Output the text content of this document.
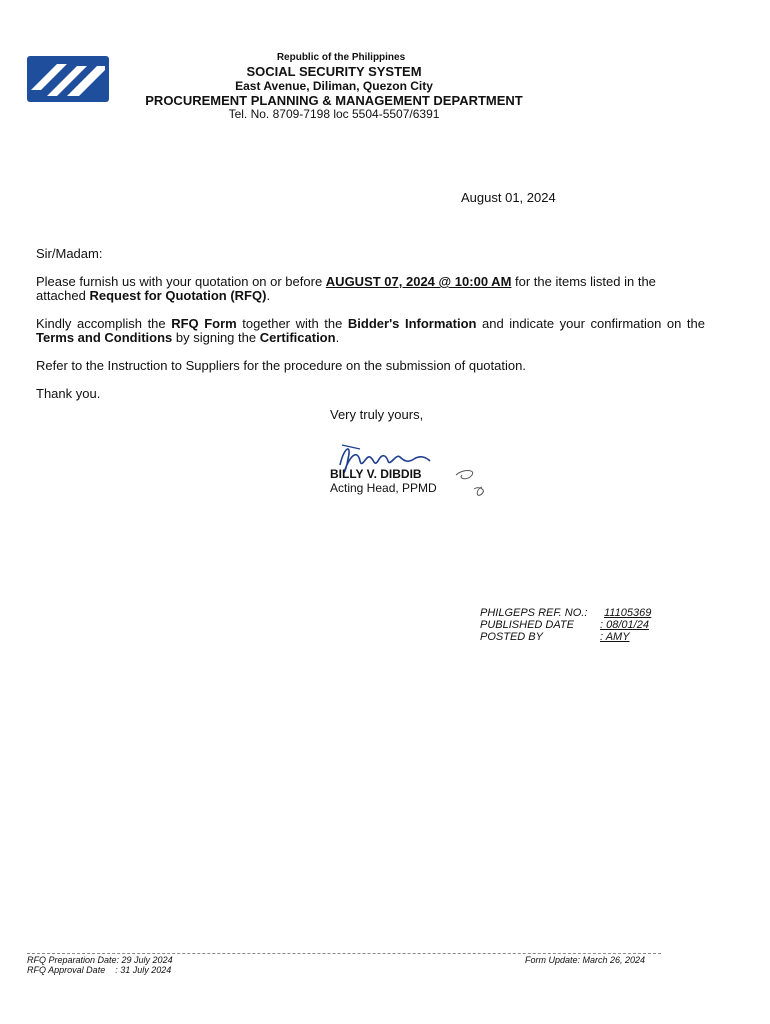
Republic of the Philippines
SOCIAL SECURITY SYSTEM
East Avenue, Diliman, Quezon City
PROCUREMENT PLANNING & MANAGEMENT DEPARTMENT
Tel. No. 8709-7198 loc 5504-5507/6391
August 01, 2024
Sir/Madam:
Please furnish us with your quotation on or before AUGUST 07, 2024 @ 10:00 AM for the items listed in the attached Request for Quotation (RFQ).
Kindly accomplish the RFQ Form together with the Bidder's Information and indicate your confirmation on the Terms and Conditions by signing the Certification.
Refer to the Instruction to Suppliers for the procedure on the submission of quotation.
Thank you.
Very truly yours,
BILLY V. DIBDIB
Acting Head, PPMD
PHILGEPS REF. NO.: 11105369
PUBLISHED DATE : 08/01/24
POSTED BY	: AMY
RFQ Preparation Date: 29 July 2024
RFQ Approval Date    : 31 July 2024
Form Update: March 26, 2024
